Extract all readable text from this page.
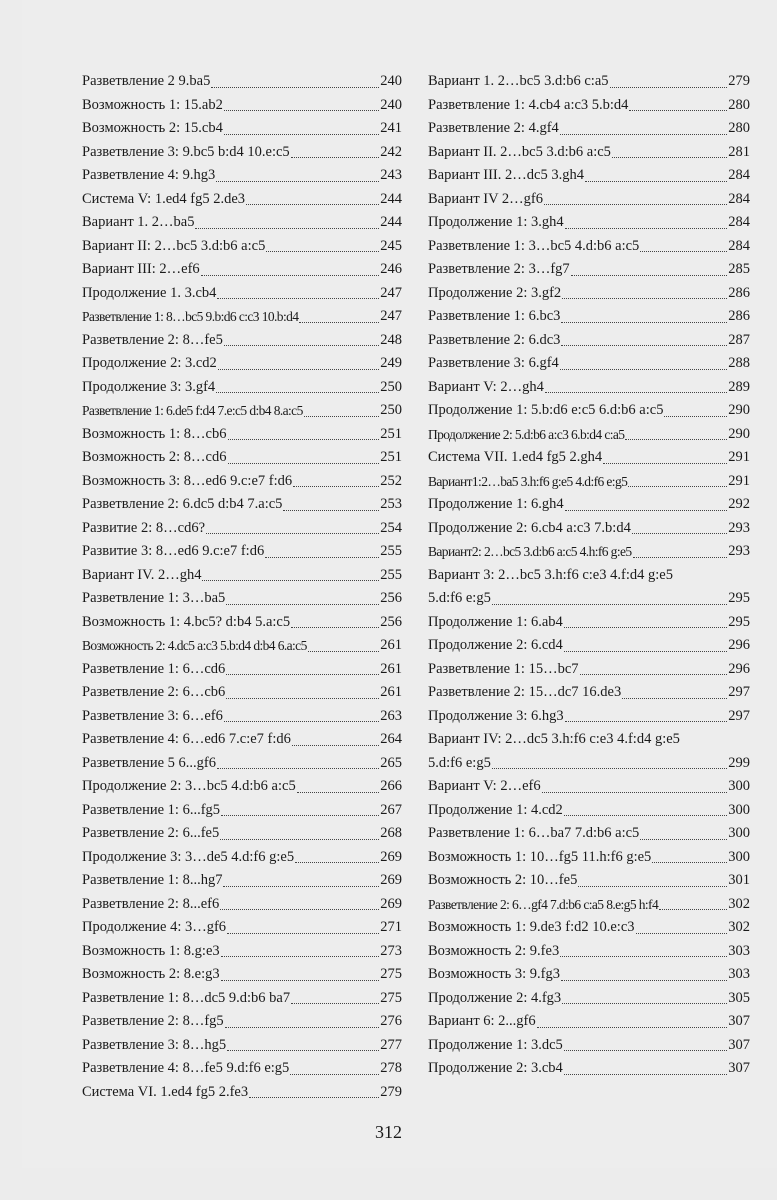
Разветвление 2 9.ba5	240
Возможность 1: 15.ab2	240
Возможность 2: 15.cb4	241
Разветвление 3: 9.bc5 b:d4 10.e:c5	242
Разветвление 4: 9.hg3	243
Система V: 1.ed4 fg5 2.de3	244
Вариант 1. 2…ba5	244
Вариант II: 2…bc5 3.d:b6 a:c5	245
Вариант III: 2…ef6	246
Продолжение 1. 3.cb4	247
Разветвление 1: 8…bc5 9.b:d6 c:c3 10.b:d4	247
Разветвление 2: 8…fe5	248
Продолжение 2: 3.cd2	249
Продолжение 3: 3.gf4	250
Разветвление 1: 6.de5 f:d4 7.e:c5 d:b4 8.a:c5	250
Возможность 1: 8…cb6	251
Возможность 2: 8…cd6	251
Возможность 3: 8…ed6 9.c:e7 f:d6	252
Разветвление 2: 6.dc5 d:b4 7.a:c5	253
Развитие 2: 8…cd6?	254
Развитие 3: 8…ed6 9.c:e7 f:d6	255
Вариант IV. 2…gh4	255
Разветвление 1: 3…ba5	256
Возможность 1: 4.bc5? d:b4 5.a:c5	256
Возможность 2: 4.dc5 a:c3 5.b:d4 d:b4 6.a:c5	261
Разветвление 1: 6…cd6	261
Разветвление 2: 6…cb6	261
Разветвление 3: 6…ef6	263
Разветвление 4: 6…ed6 7.c:e7 f:d6	264
Разветвление 5 6...gf6	265
Продолжение 2: 3…bc5 4.d:b6 a:c5	266
Разветвление 1: 6...fg5	267
Разветвление 2: 6...fe5	268
Продолжение 3: 3…de5 4.d:f6 g:e5	269
Разветвление 1: 8...hg7	269
Разветвление 2: 8...ef6	269
Продолжение 4: 3…gf6	271
Возможность 1: 8.g:e3	273
Возможность 2: 8.e:g3	275
Разветвление 1: 8…dc5 9.d:b6 ba7	275
Разветвление 2: 8…fg5	276
Разветвление 3: 8…hg5	277
Разветвление 4: 8…fe5 9.d:f6 e:g5	278
Система VI. 1.ed4 fg5 2.fe3	279
Вариант 1. 2…bc5 3.d:b6 c:a5	279
Разветвление 1: 4.cb4 a:c3 5.b:d4	280
Разветвление 2: 4.gf4	280
Вариант II. 2…bc5 3.d:b6 a:c5	281
Вариант III. 2…dc5 3.gh4	284
Вариант IV 2…gf6	284
Продолжение 1: 3.gh4	284
Разветвление 1: 3…bc5 4.d:b6 a:c5	284
Разветвление 2: 3…fg7	285
Продолжение 2: 3.gf2	286
Разветвление 1: 6.bc3	286
Разветвление 2: 6.dc3	287
Разветвление 3: 6.gf4	288
Вариант V: 2…gh4	289
Продолжение 1: 5.b:d6 e:c5 6.d:b6 a:c5	290
Продолжение 2: 5.d:b6 a:c3 6.b:d4 c:a5	290
Система VII. 1.ed4 fg5 2.gh4	291
Вариант1:2…ba5 3.h:f6 g:e5 4.d:f6 e:g5	291
Продолжение 1: 6.gh4	292
Продолжение 2: 6.cb4 a:c3 7.b:d4	293
Вариант2: 2…bc5 3.d:b6 a:c5 4.h:f6 g:e5	293
Вариант 3: 2…bc5 3.h:f6 c:e3 4.f:d4 g:e5
5.d:f6 e:g5	295
Продолжение 1: 6.ab4	295
Продолжение 2: 6.cd4	296
Разветвление 1: 15…bc7	296
Разветвление 2: 15…dc7 16.de3	297
Продолжение 3: 6.hg3	297
Вариант IV: 2…dc5 3.h:f6 c:e3 4.f:d4 g:e5
5.d:f6 e:g5	299
Вариант V: 2…ef6	300
Продолжение 1: 4.cd2	300
Разветвление 1: 6…ba7 7.d:b6 a:c5	300
Возможность 1: 10…fg5 11.h:f6 g:e5	300
Возможность 2: 10…fe5	301
Разветвление 2: 6…gf4 7.d:b6 c:a5 8.e:g5 h:f4	302
Возможность 1: 9.de3 f:d2 10.e:c3	302
Возможность 2: 9.fe3	303
Возможность 3: 9.fg3	303
Продолжение 2: 4.fg3	305
Вариант 6: 2...gf6	307
Продолжение 1: 3.dc5	307
Продолжение 2: 3.cb4	307
312
